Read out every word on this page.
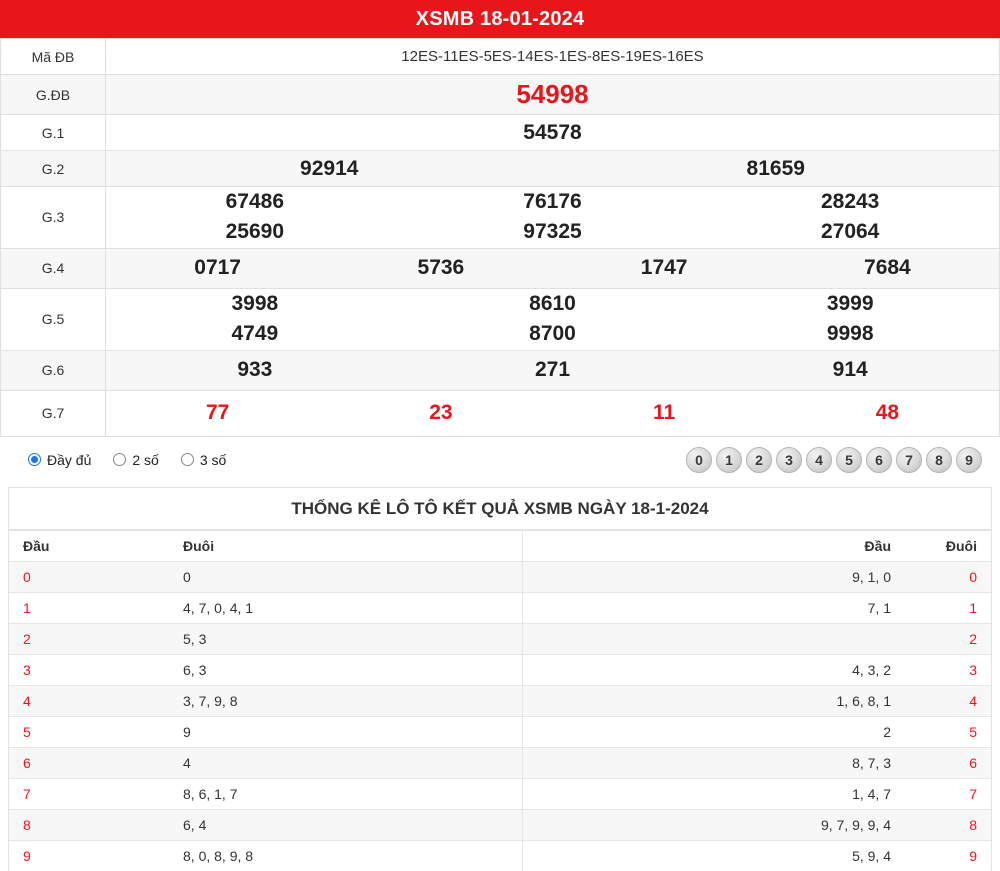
XSMB 18-01-2024
Mã ĐB	12ES-11ES-5ES-14ES-1ES-8ES-19ES-16ES

G.ĐB	54998

G.1	54578

G.2	92914 81659

G.3	
67486	76176	28243
25690	97325	27064

G.4	0717 5736 1747 7684

G.5	
3998	8610	3999
4749	8700	9998

G.6	933 271 914

G.7	77 23 11 48
Đầy đủ	2 số	3 số	0	1	2	3	4	5	6	7	8	9
THỐNG KÊ LÔ TÔ KẾT QUẢ XSMB NGÀY 18-1-2024
Đầu	Đuôi		Đầu	Đuôi
0	0		9, 1, 0	0
1	4, 7, 0, 4, 1		7, 1	1
2	5, 3			2
3	6, 3		4, 3, 2	3
4	3, 7, 9, 8		1, 6, 8, 1	4
5	9		2	5
6	4		8, 7, 3	6
7	8, 6, 1, 7		1, 4, 7	7
8	6, 4		9, 7, 9, 9, 4	8
9	8, 0, 8, 9, 8		5, 9, 4	9
